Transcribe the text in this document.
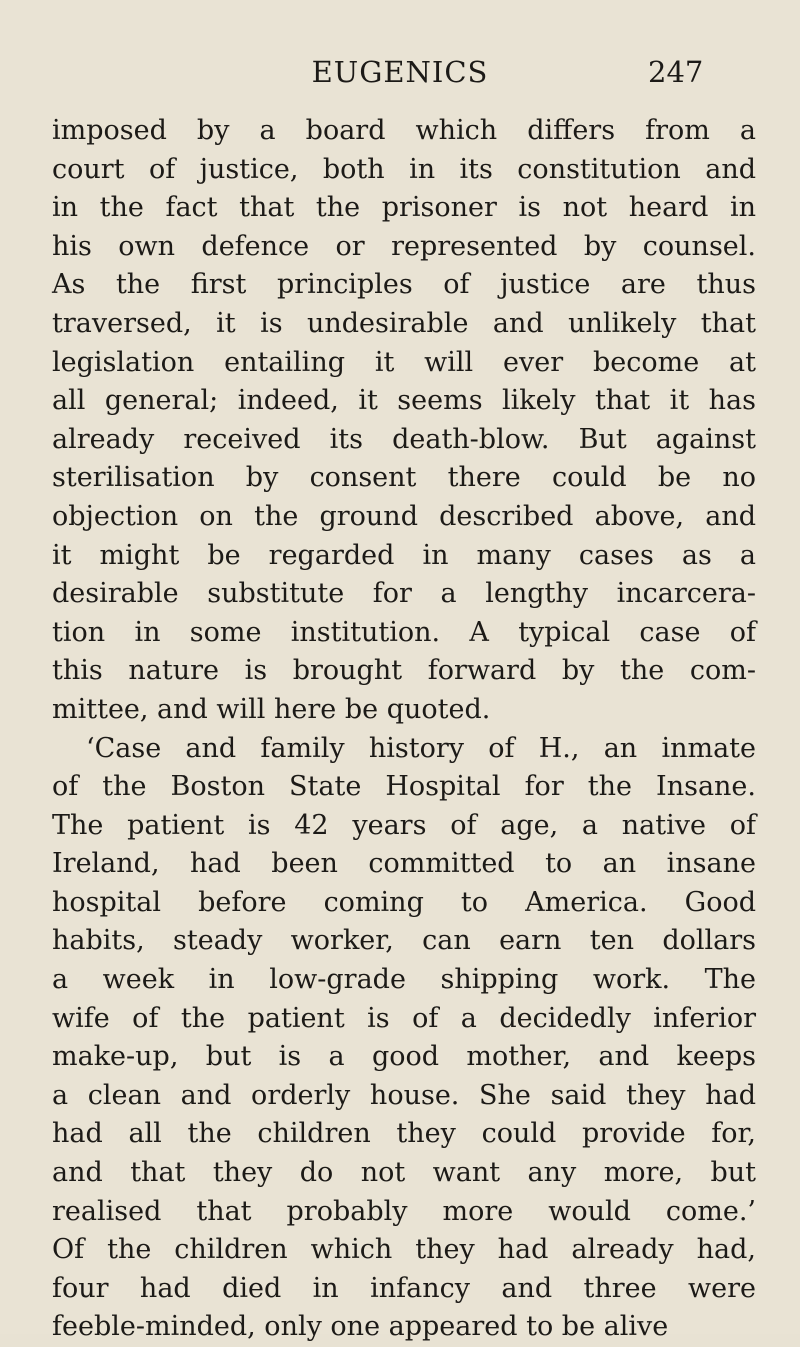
EUGENICS	247
imposed by a board which differs from a
court of justice, both in its constitution and
in the fact that the prisoner is not heard in
his own defence or represented by counsel.
As the first principles of justice are thus
traversed, it is undesirable and unlikely that
legislation entailing it will ever become at
all general; indeed, it seems likely that it has
already received its death-blow. But against
sterilisation by consent there could be no
objection on the ground described above, and
it might be regarded in many cases as a
desirable substitute for a lengthy incarcera-
tion in some institution. A typical case of
this nature is brought forward by the com-
mittee, and will here be quoted.
‘Case and family history of H., an inmate
of the Boston State Hospital for the Insane.
The patient is 42 years of age, a native of
Ireland, had been committed to an insane
hospital before coming to America. Good
habits, steady worker, can earn ten dollars
a week in low-grade shipping work. The
wife of the patient is of a decidedly inferior
make-up, but is a good mother, and keeps
a clean and orderly house. She said they had
had all the children they could provide for,
and that they do not want any more, but
realised that probably more would come.’
Of the children which they had already had,
four had died in infancy and three were
feeble-minded, only one appeared to be alive
